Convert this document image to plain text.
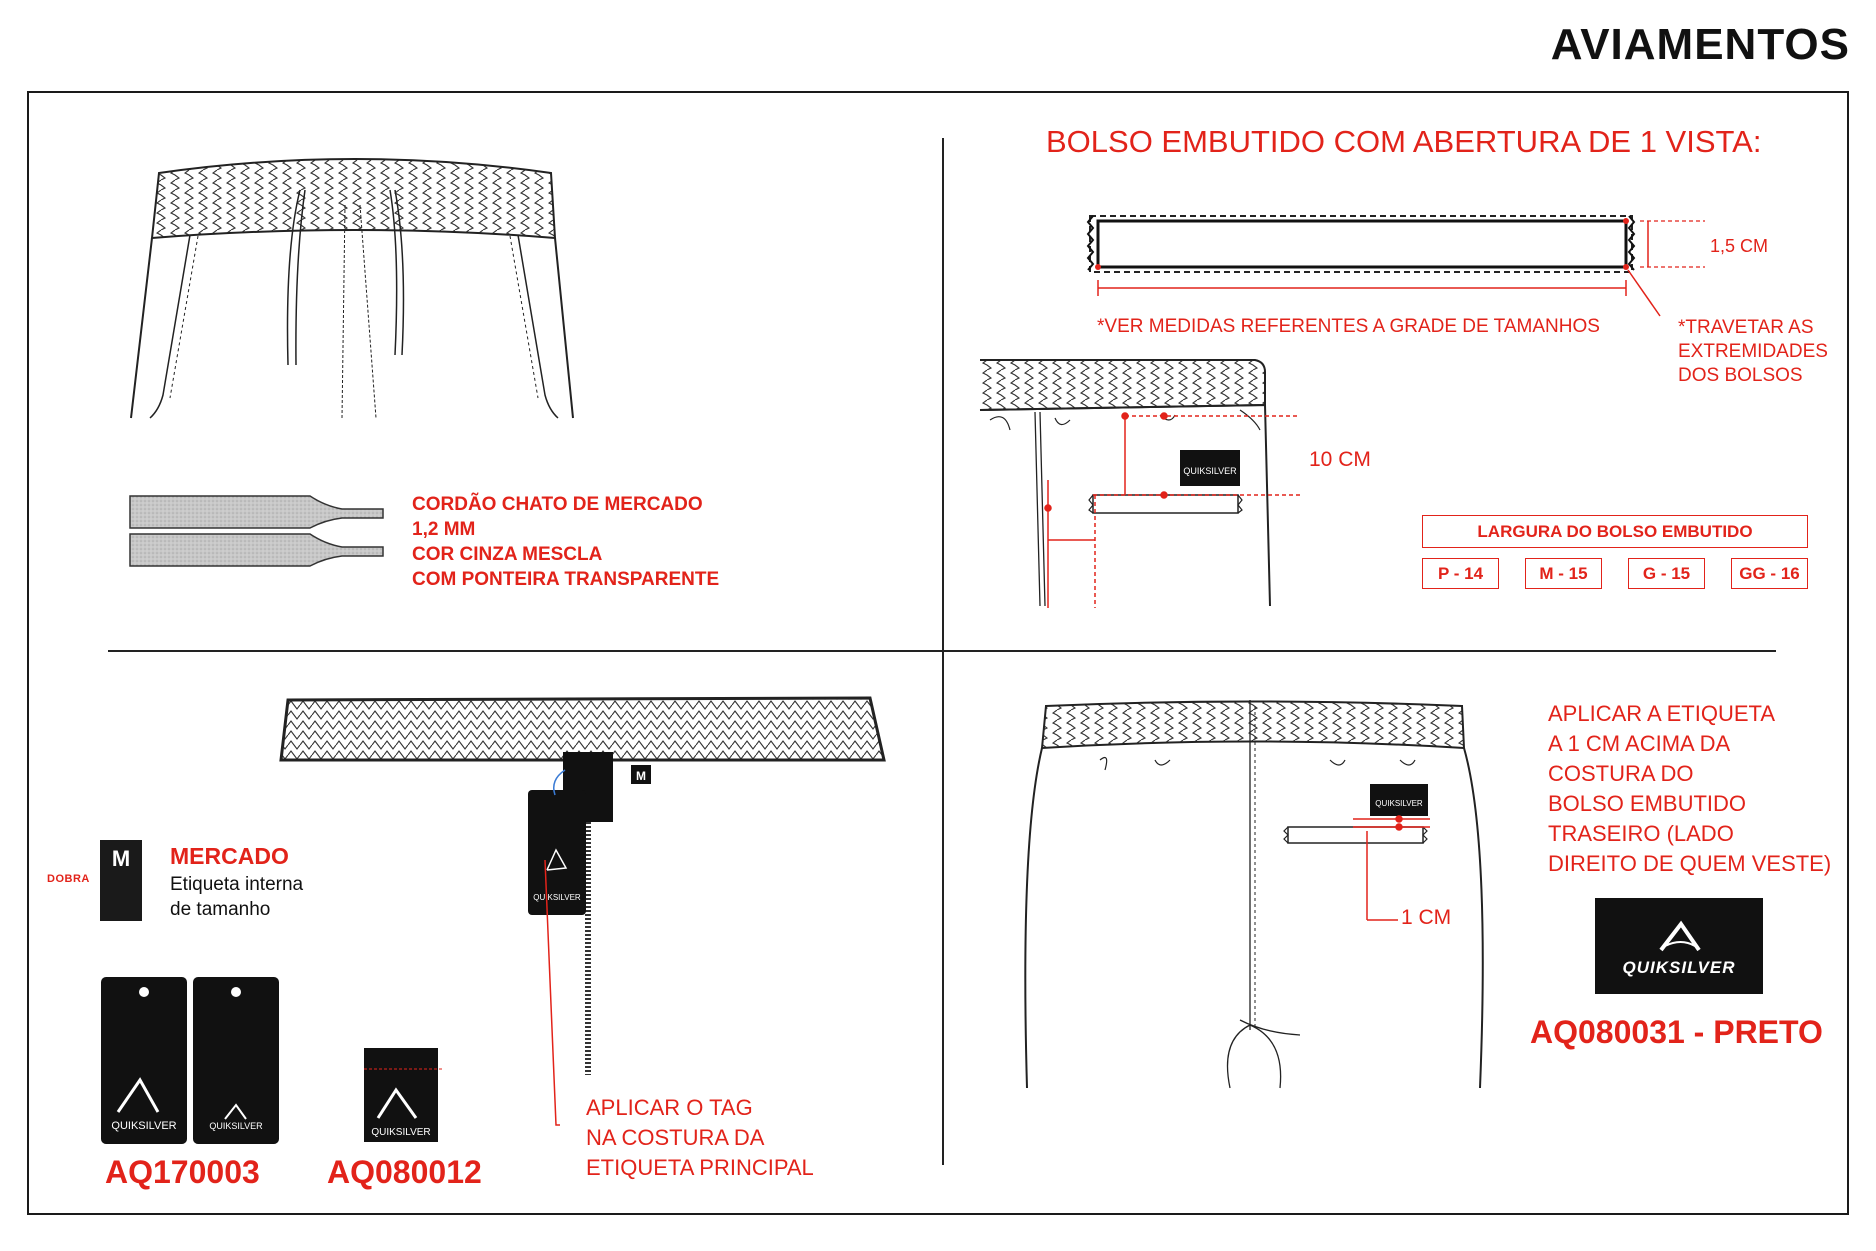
AVIAMENTOS
QUIKSILVER
M
QUIKSILVER
QUIKSILVER	QUIKSILVER
QUIKSILVER
QUIKSILVER
CORDÃO CHATO DE MERCADO
1,2 MM
COR CINZA MESCLA
COM PONTEIRA TRANSPARENTE
BOLSO EMBUTIDO COM ABERTURA DE 1 VISTA:
1,5 CM
*VER MEDIDAS REFERENTES A GRADE DE TAMANHOS	*TRAVETAR AS
EXTREMIDADES
DOS BOLSOS
10 CM
LARGURA DO BOLSO EMBUTIDO
P - 14	M - 15	G - 15	GG - 16
DOBRA
M	MERCADO
Etiqueta interna
de tamanho
AQ170003 AQ080012
APLICAR O TAG
NA COSTURA DA
ETIQUETA PRINCIPAL
1 CM
APLICAR A ETIQUETA
A 1 CM ACIMA DA
COSTURA DO
BOLSO EMBUTIDO
TRASEIRO (LADO
DIREITO DE QUEM VESTE)
QUIKSILVER
AQ080031 - PRETO
